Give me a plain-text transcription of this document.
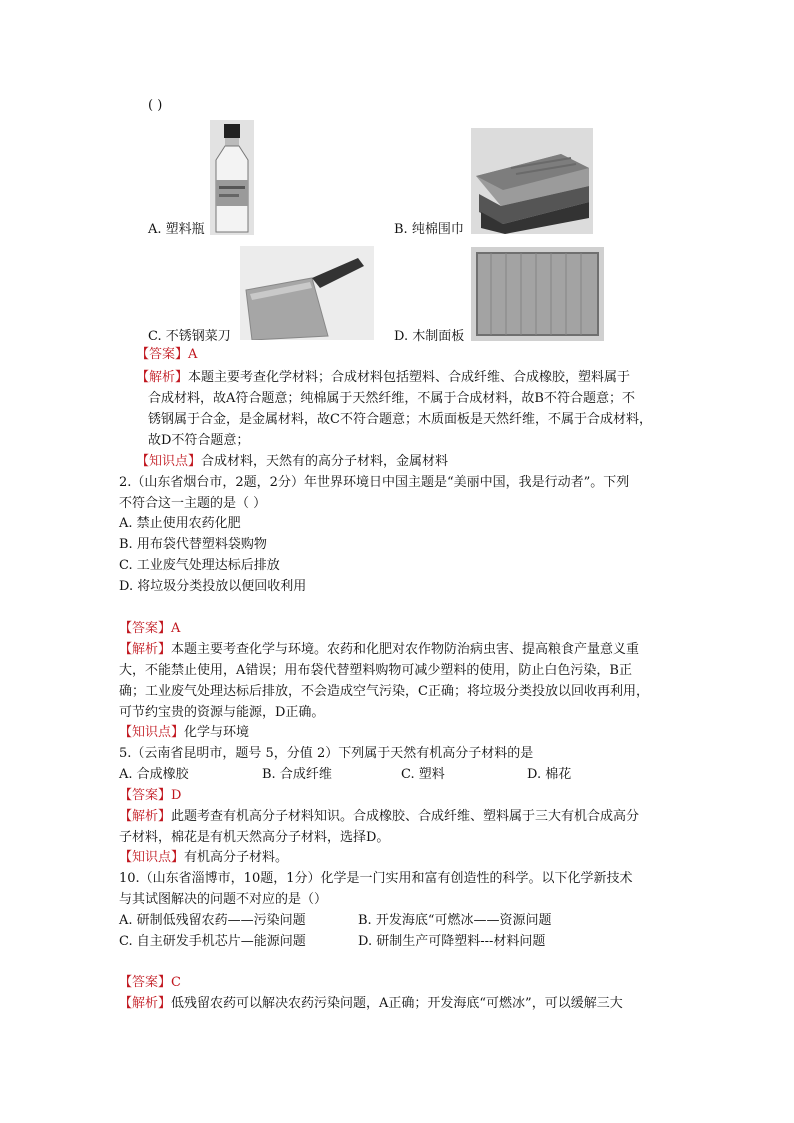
( )
A. 塑料瓶	B. 纯棉围巾
C. 不锈钢菜刀	D. 木制面板
【答案】A
【解析】本题主要考查化学材料；合成材料包括塑料、合成纤维、合成橡胶，塑料属于
合成材料，故A符合题意；纯棉属于天然纤维，不属于合成材料，故B不符合题意；不
锈钢属于合金，是金属材料，故C不符合题意；木质面板是天然纤维，不属于合成材料，
故D不符合题意；
【知识点】合成材料，天然有的高分子材料，金属材料
2.（山东省烟台市，2题，2分）年世界环境日中国主题是“美丽中国，我是行动者”。下列
不符合这一主题的是（ ）
A. 禁止使用农药化肥
B. 用布袋代替塑料袋购物
C. 工业废气处理达标后排放
D. 将垃圾分类投放以便回收利用
【答案】A
【解析】本题主要考查化学与环境。农药和化肥对农作物防治病虫害、提高粮食产量意义重
大，不能禁止使用，A错误；用布袋代替塑料购物可减少塑料的使用，防止白色污染，B正
确；工业废气处理达标后排放，不会造成空气污染，C正确；将垃圾分类投放以回收再利用，
可节约宝贵的资源与能源，D正确。
【知识点】化学与环境
5.（云南省昆明市，题号 5，分值 2）下列属于天然有机高分子材料的是
A. 合成橡胶	B. 合成纤维	C. 塑料	D. 棉花
【答案】D
【解析】此题考查有机高分子材料知识。合成橡胶、合成纤维、塑料属于三大有机合成高分
子材料，棉花是有机天然高分子材料，选择D。
【知识点】有机高分子材料。
10.（山东省淄博市，10题，1分）化学是一门实用和富有创造性的科学。以下化学新技术
与其试图解决的问题不对应的是（）
A. 研制低残留农药——污染问题	B. 开发海底“可燃冰——资源问题
C. 自主研发手机芯片—能源问题	D. 研制生产可降塑料---材料问题
【答案】C
【解析】低残留农药可以解决农药污染问题，A正确；开发海底“可燃冰”，可以缓解三大
